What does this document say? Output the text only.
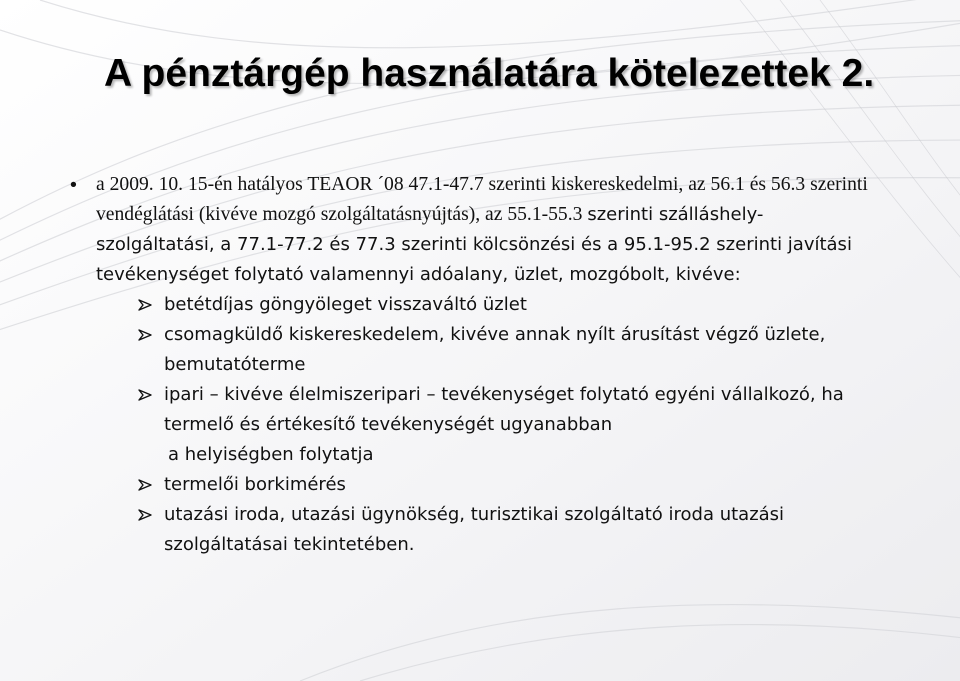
A pénztárgép használatára kötelezettek 2.
• a 2009. 10. 15-én hatályos TEAOR ´08 47.1-47.7 szerinti kiskereskedelmi, az 56.1 és 56.3 szerinti vendéglátási (kivéve mozgó szolgáltatásnyújtás), az 55.1-55.3 szerinti szálláshely-szolgáltatási, a 77.1-77.2 és 77.3 szerinti kölcsönzési és a 95.1-95.2 szerinti javítási tevékenységet folytató valamennyi adóalany, üzlet, mozgóbolt, kivéve:
betétdíjas göngyöleget visszaváltó üzlet
csomagküldő kiskereskedelem, kivéve annak nyílt árusítást végző üzlete, bemutatóterme
ipari – kivéve élelmiszeripari – tevékenységet folytató egyéni vállalkozó, ha termelő és értékesítő tevékenységét ugyanabban
a helyiségben folytatja
termelői borkimérés
utazási iroda, utazási ügynökség, turisztikai szolgáltató iroda utazási szolgáltatásai tekintetében.
